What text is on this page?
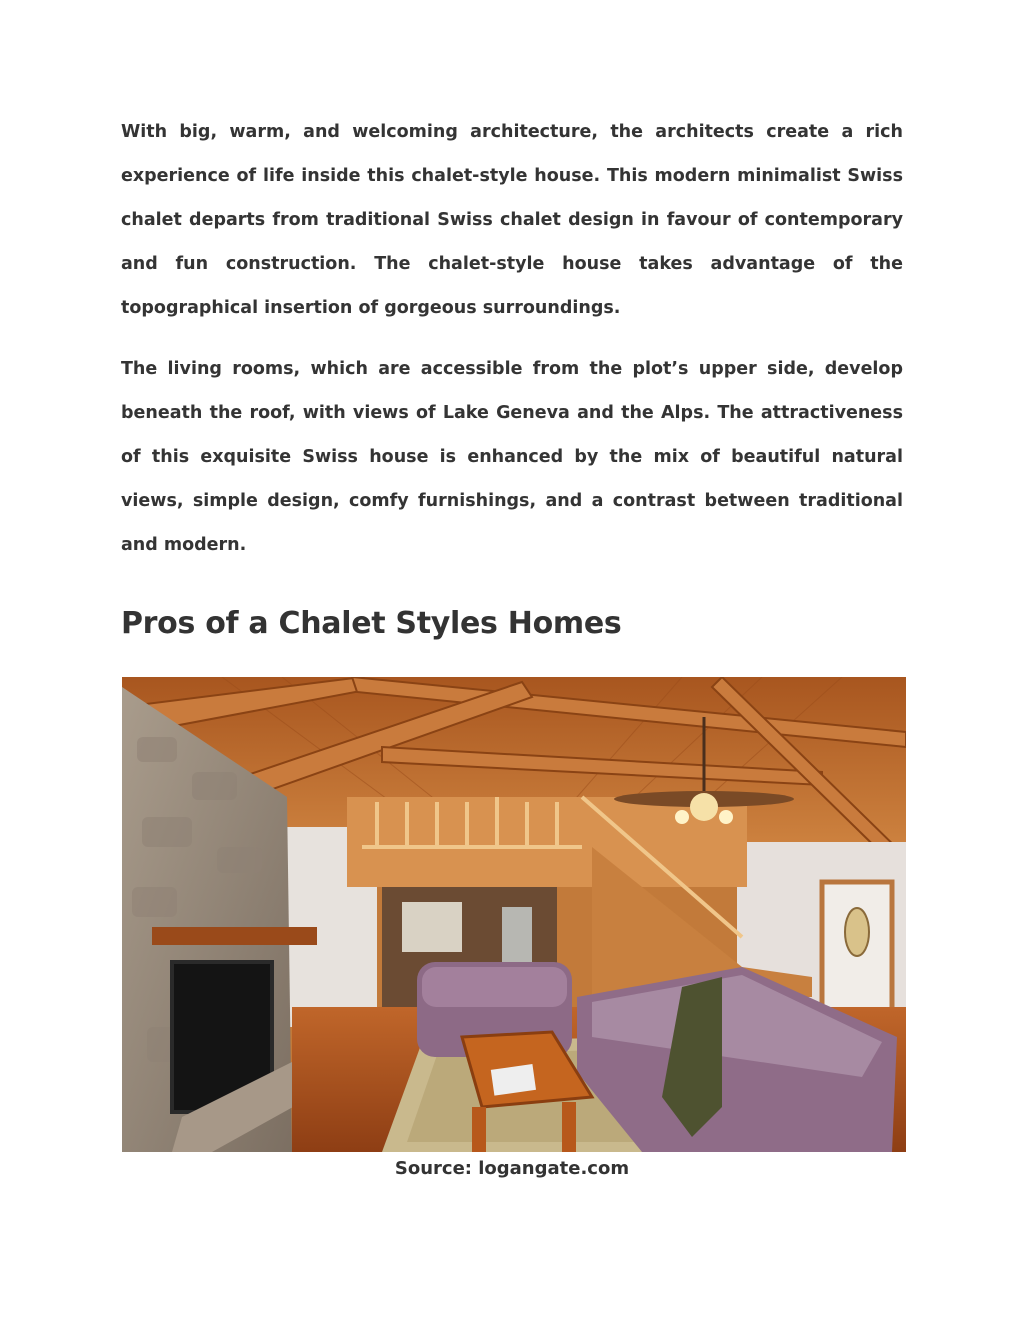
With big, warm, and welcoming architecture, the architects create a rich experience of life inside this chalet-style house. This modern minimalist Swiss chalet departs from traditional Swiss chalet design in favour of contemporary and fun construction. The chalet-style house takes advantage of the topographical insertion of gorgeous surroundings.

The living rooms, which are accessible from the plot’s upper side, develop beneath the roof, with views of Lake Geneva and the Alps. The attractiveness of this exquisite Swiss house is enhanced by the mix of beautiful natural views, simple design, comfy furnishings, and a contrast between traditional and modern.

Pros of a Chalet Styles Homes
Source: logangate.com
